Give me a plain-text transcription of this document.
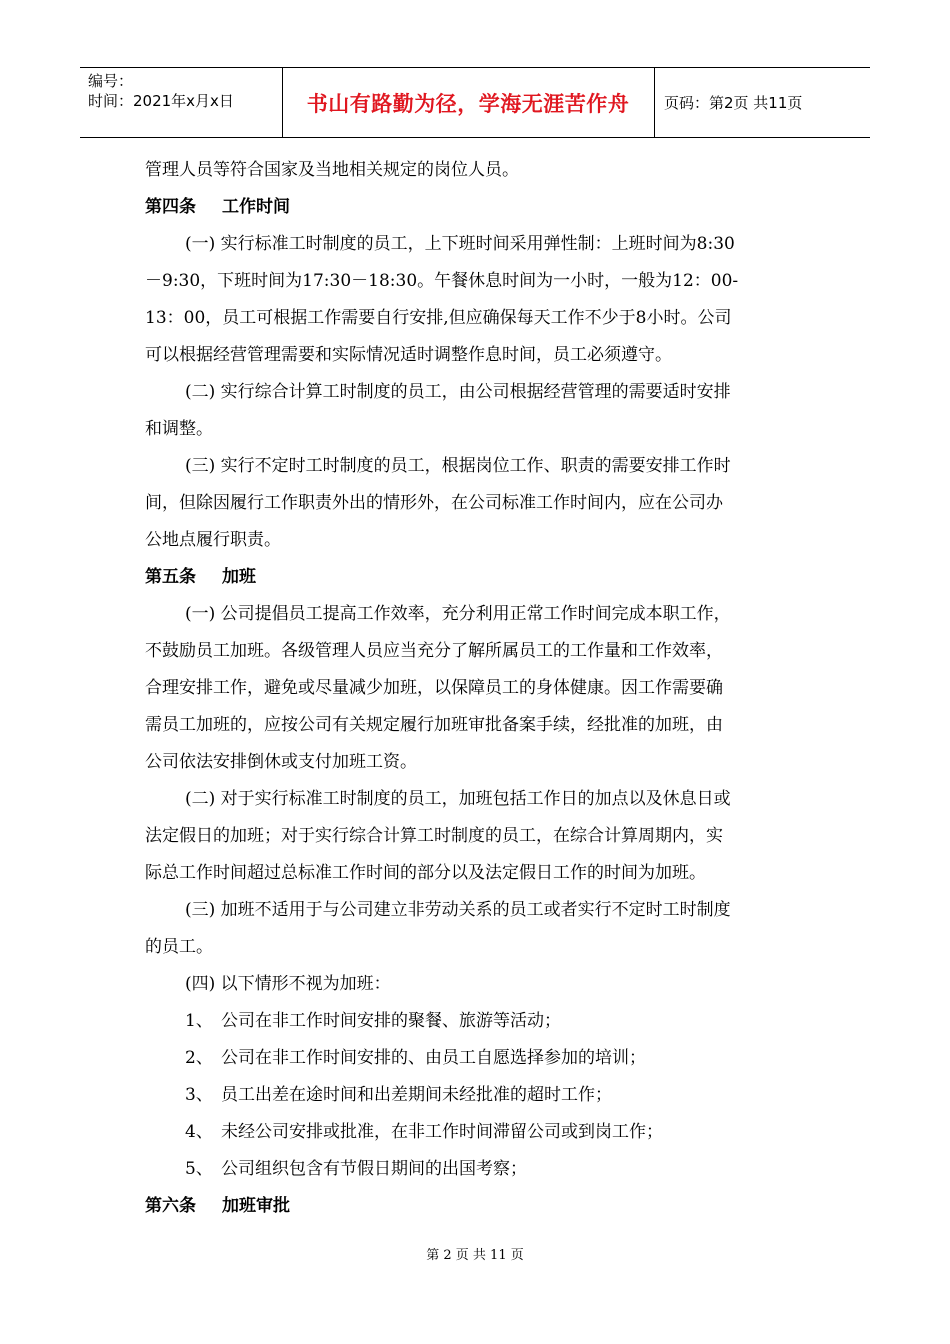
编号：
时间：2021年x月x日	书山有路勤为径，学海无涯苦作舟	页码：第2页 共11页
管理人员等符合国家及当地相关规定的岗位人员。
第四条 工作时间
(一) 实行标准工时制度的员工，上下班时间采用弹性制：上班时间为8:30
－9:30，下班时间为17:30－18:30。午餐休息时间为一小时，一般为12：00-
13：00，员工可根据工作需要自行安排,但应确保每天工作不少于8小时。公司
可以根据经营管理需要和实际情况适时调整作息时间，员工必须遵守。
(二) 实行综合计算工时制度的员工，由公司根据经营管理的需要适时安排
和调整。
(三) 实行不定时工时制度的员工，根据岗位工作、职责的需要安排工作时
间，但除因履行工作职责外出的情形外，在公司标准工作时间内，应在公司办
公地点履行职责。
第五条 加班
(一) 公司提倡员工提高工作效率，充分利用正常工作时间完成本职工作，
不鼓励员工加班。各级管理人员应当充分了解所属员工的工作量和工作效率，
合理安排工作，避免或尽量减少加班，以保障员工的身体健康。因工作需要确
需员工加班的，应按公司有关规定履行加班审批备案手续，经批准的加班，由
公司依法安排倒休或支付加班工资。
(二) 对于实行标准工时制度的员工，加班包括工作日的加点以及休息日或
法定假日的加班；对于实行综合计算工时制度的员工，在综合计算周期内，实
际总工作时间超过总标准工作时间的部分以及法定假日工作的时间为加班。
(三) 加班不适用于与公司建立非劳动关系的员工或者实行不定时工时制度
的员工。
(四) 以下情形不视为加班：
1、 公司在非工作时间安排的聚餐、旅游等活动；
2、 公司在非工作时间安排的、由员工自愿选择参加的培训；
3、 员工出差在途时间和出差期间未经批准的超时工作；
4、 未经公司安排或批准，在非工作时间滞留公司或到岗工作；
5、 公司组织包含有节假日期间的出国考察；
第六条 加班审批
第 2 页 共 11 页
